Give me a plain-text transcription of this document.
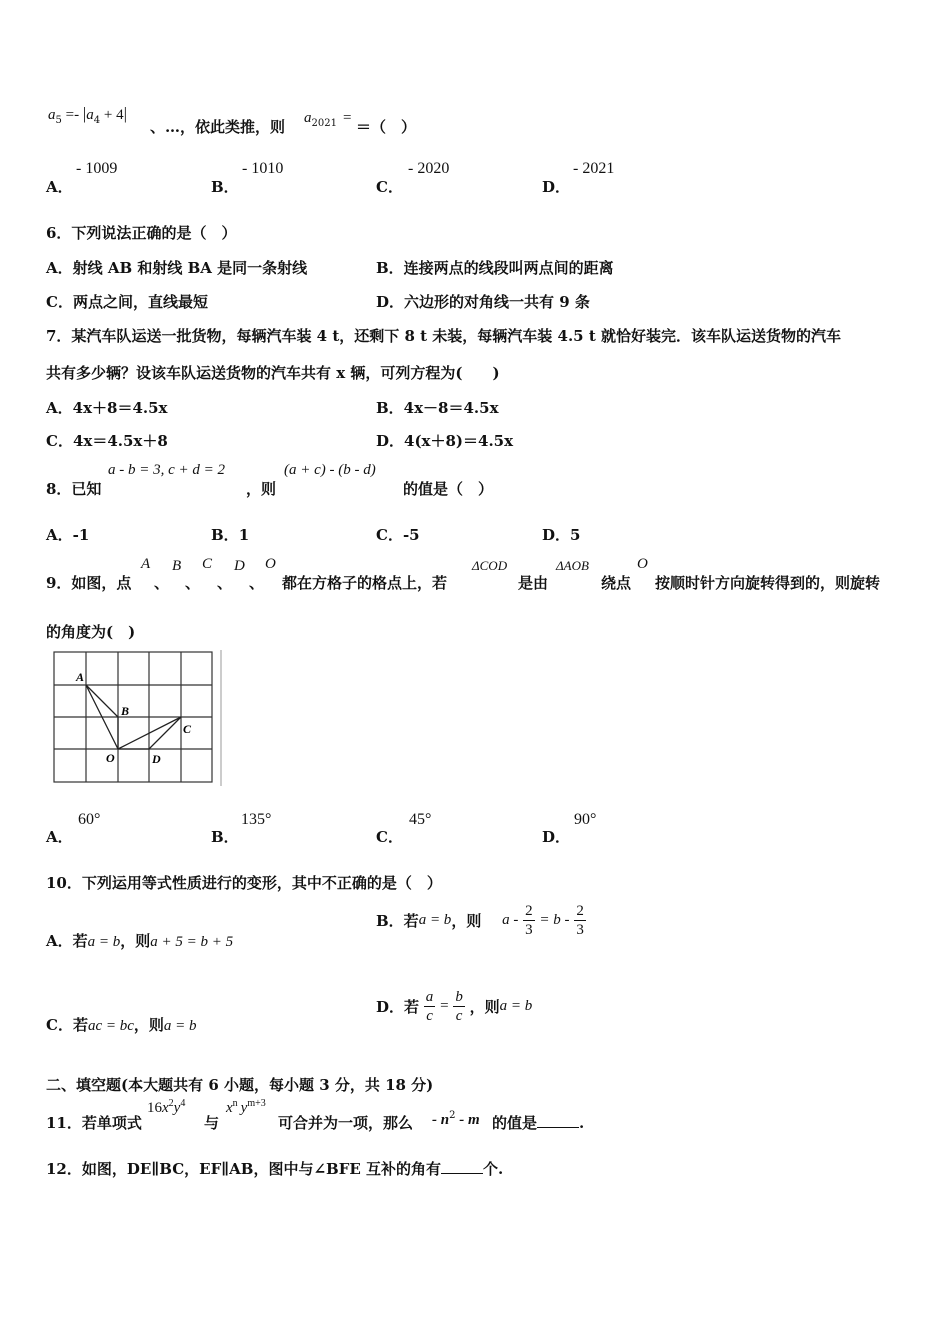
$a_5 =- |a_4 + 4|$
、…，依此类推，则 $a_{2021}$ = ＝（　）
A．
- 1009
B．
- 1010
C．
- 2020
D．
- 2021
6．下列说法正确的是（　）
A．射线 AB 和射线 BA 是同一条射线	B．连接两点的线段叫两点间的距离
C．两点之间，直线最短	D．六边形的对角线一共有 9 条
7．某汽车队运送一批货物，每辆汽车装 4 t，还剩下 8 t 未装，每辆汽车装 4.5 t 就恰好装完．该车队运送货物的汽车
共有多少辆？设该车队运送货物的汽车共有 x 辆，可列方程为(　　)
A．4x＋8＝4.5x	B．4x－8＝4.5x
C．4x＝4.5x＋8	D．4(x＋8)＝4.5x
8．已知
a - b = 3, c + d = 2
，则
(a + c) - (b - d)
的值是（　）
A．-1	B．1	C．-5	D．5
9．如图，点
A
、
B
、
C
、
D
、
O
都在方格子的格点上，若
ΔCOD
是由
ΔAOB
绕点
O
按顺时针方向旋转得到的，则旋转
的角度为(　)
A
B
C
O	D
A．
60°
B．
135°
C．
45°
D．
90°
10．下列运用等式性质进行的变形，其中不正确的是（　）
A．若a = b，则a + 5 = b + 5
B．若a = b，则 $a - \frac{2}{3} = b - \frac{2}{3}$
C．若ac = bc，则a = b
D．若 $\frac{a}{c} = \frac{b}{c}$ ，则a = b
二、填空题(本大题共有 6 小题，每小题 3 分，共 18 分)
11．若单项式
$16x^2y^4$
与
$x^n$ $y^{m+3}$
可合并为一项，那么 - $n^2$ - m 的值是	.
12．如图，DE∥BC，EF∥AB，图中与∠BFE 互补的角有	个.
